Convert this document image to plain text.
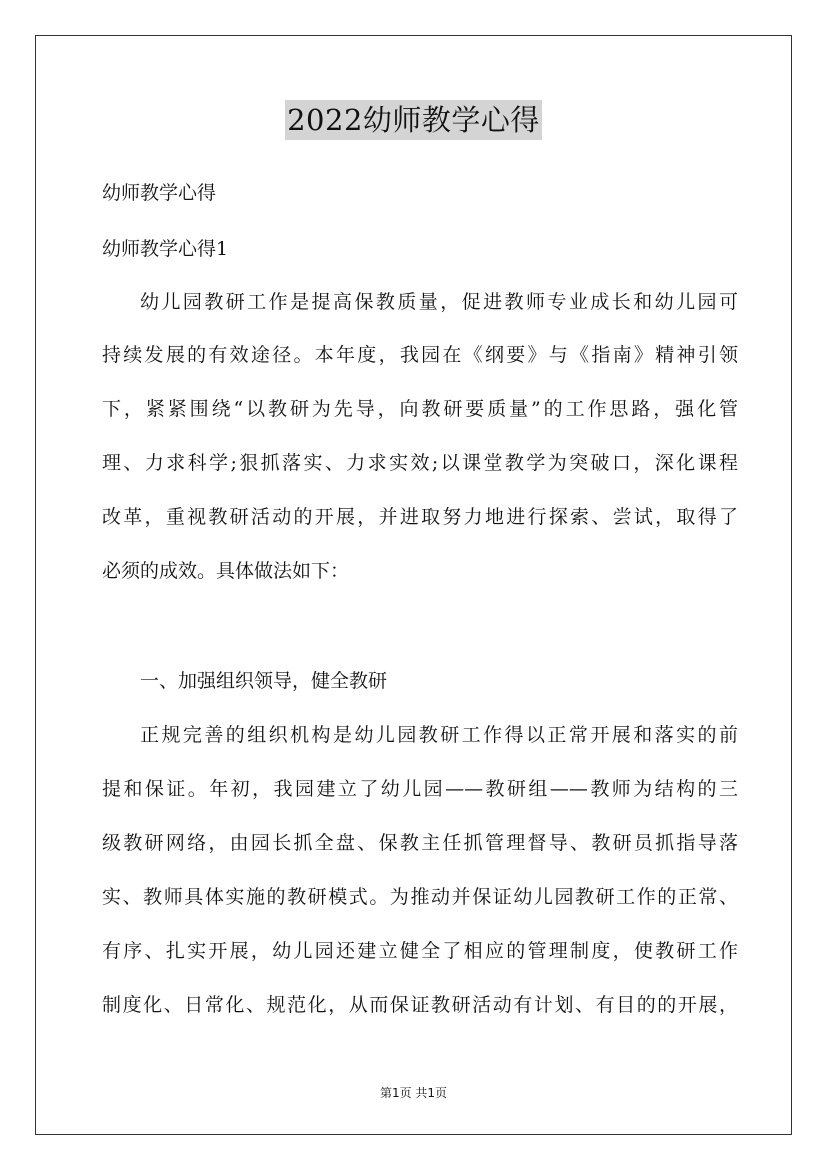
2022幼师教学心得
幼师教学心得
幼师教学心得1
幼儿园教研工作是提高保教质量，促进教师专业成长和幼儿园可
持续发展的有效途径。本年度，我园在《纲要》与《指南》精神引领
下，紧紧围绕“以教研为先导，向教研要质量”的工作思路，强化管
理、力求科学;狠抓落实、力求实效;以课堂教学为突破口，深化课程
改革，重视教研活动的开展，并进取努力地进行探索、尝试，取得了
必须的成效。具体做法如下：
一、加强组织领导，健全教研
正规完善的组织机构是幼儿园教研工作得以正常开展和落实的前
提和保证。年初，我园建立了幼儿园——教研组——教师为结构的三
级教研网络，由园长抓全盘、保教主任抓管理督导、教研员抓指导落
实、教师具体实施的教研模式。为推动并保证幼儿园教研工作的正常、
有序、扎实开展，幼儿园还建立健全了相应的管理制度，使教研工作
制度化、日常化、规范化，从而保证教研活动有计划、有目的的开展，
第1页 共1页
